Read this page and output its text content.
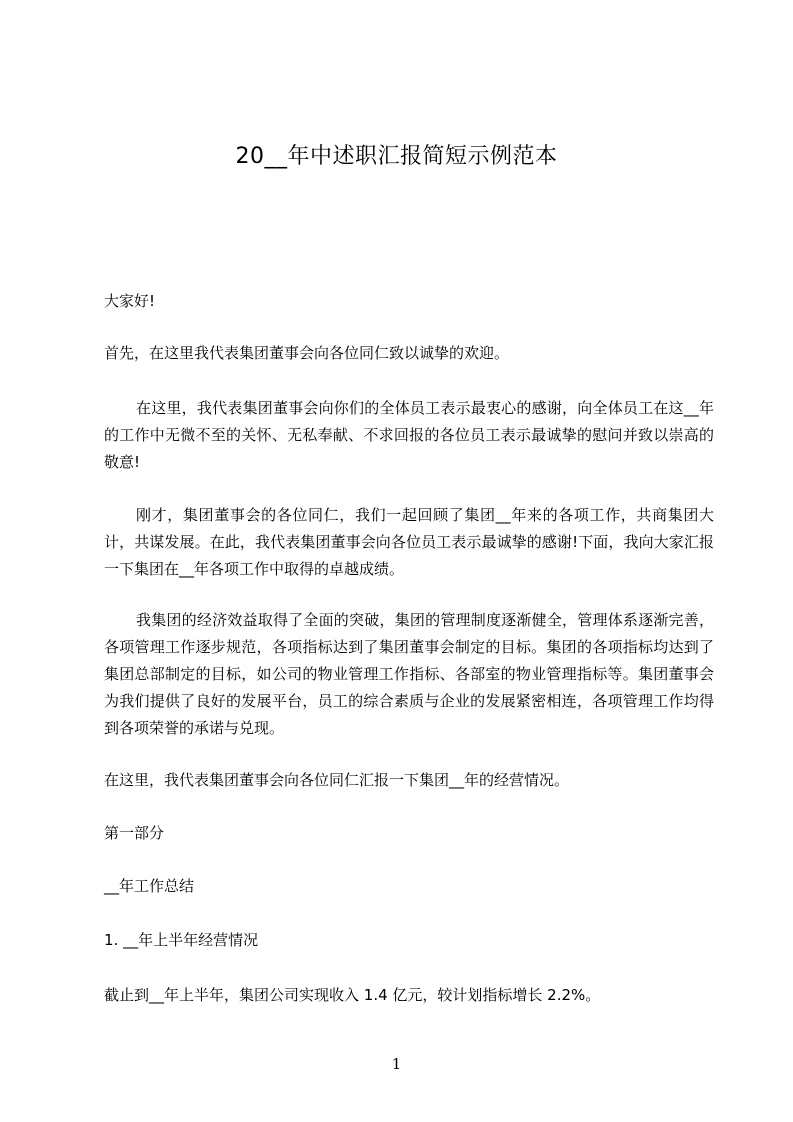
20__年中述职汇报简短示例范本

大家好!

首先，在这里我代表集团董事会向各位同仁致以诚挚的欢迎。

在这里，我代表集团董事会向你们的全体员工表示最衷心的感谢，向全体员工在这__年的工作中无微不至的关怀、无私奉献、不求回报的各位员工表示最诚挚的慰问并致以崇高的敬意!

刚才，集团董事会的各位同仁，我们一起回顾了集团__年来的各项工作，共商集团大计，共谋发展。在此，我代表集团董事会向各位员工表示最诚挚的感谢!下面，我向大家汇报一下集团在__年各项工作中取得的卓越成绩。

我集团的经济效益取得了全面的突破，集团的管理制度逐渐健全，管理体系逐渐完善，各项管理工作逐步规范，各项指标达到了集团董事会制定的目标。集团的各项指标均达到了集团总部制定的目标，如公司的物业管理工作指标、各部室的物业管理指标等。集团董事会为我们提供了良好的发展平台，员工的综合素质与企业的发展紧密相连，各项管理工作均得到各项荣誉的承诺与兑现。

在这里，我代表集团董事会向各位同仁汇报一下集团__年的经营情况。

第一部分

__年工作总结

1. __年上半年经营情况

截止到__年上半年，集团公司实现收入 1.4 亿元，较计划指标增长 2.2%。

1
